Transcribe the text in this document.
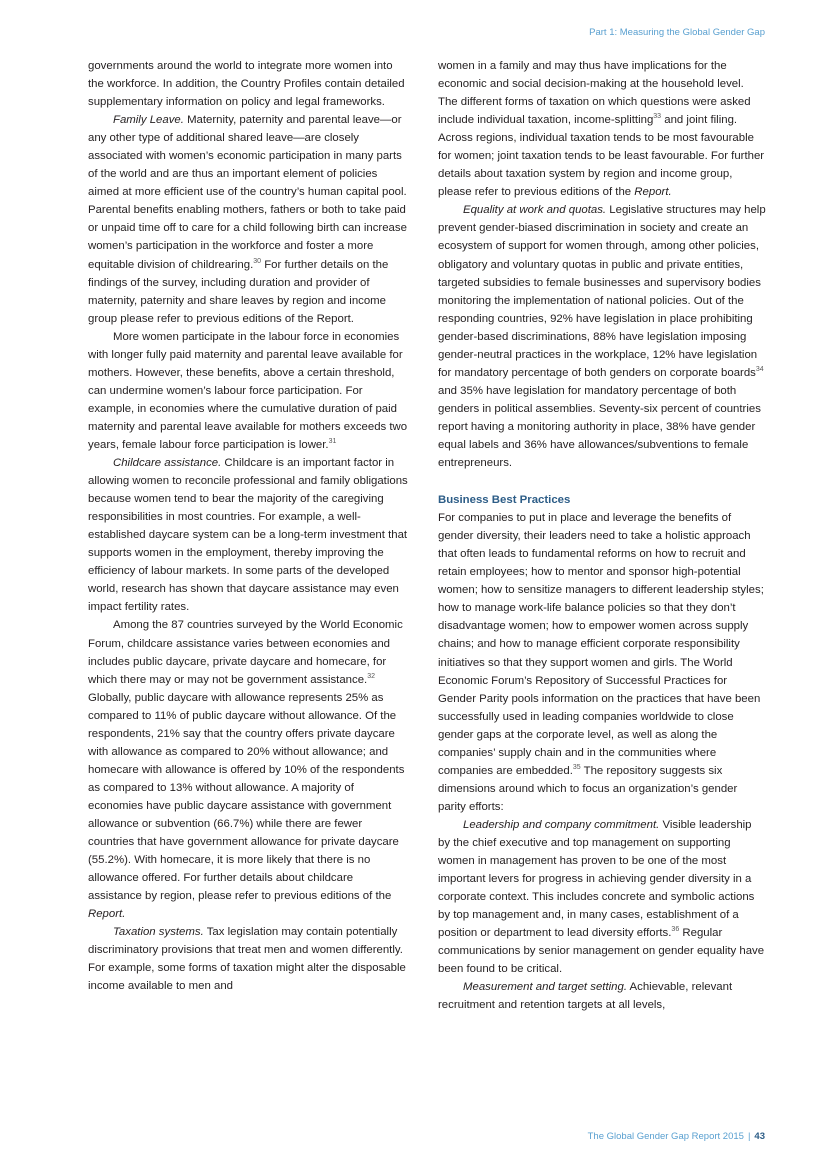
Part 1: Measuring the Global Gender Gap

governments around the world to integrate more women into the workforce. In addition, the Country Profiles contain detailed supplementary information on policy and legal frameworks.

Family Leave. Maternity, paternity and parental leave—or any other type of additional shared leave—are closely associated with women’s economic participation in many parts of the world and are thus an important element of policies aimed at more efficient use of the country’s human capital pool. Parental benefits enabling mothers, fathers or both to take paid or unpaid time off to care for a child following birth can increase women’s participation in the workforce and foster a more equitable division of childrearing.$^{30}$ For further details on the findings of the survey, including duration and provider of maternity, paternity and share leaves by region and income group please refer to previous editions of the Report.

More women participate in the labour force in economies with longer fully paid maternity and parental leave available for mothers. However, these benefits, above a certain threshold, can undermine women’s labour force participation. For example, in economies where the cumulative duration of paid maternity and parental leave available for mothers exceeds two years, female labour force participation is lower.$^{31}$

Childcare assistance. Childcare is an important factor in allowing women to reconcile professional and family obligations because women tend to bear the majority of the caregiving responsibilities in most countries. For example, a well-established daycare system can be a long-term investment that supports women in the employment, thereby improving the efficiency of labour markets. In some parts of the developed world, research has shown that daycare assistance may even impact fertility rates.

Among the 87 countries surveyed by the World Economic Forum, childcare assistance varies between economies and includes public daycare, private daycare and homecare, for which there may or may not be government assistance.$^{32}$ Globally, public daycare with allowance represents 25% as compared to 11% of public daycare without allowance. Of the respondents, 21% say that the country offers private daycare with allowance as compared to 20% without allowance; and homecare with allowance is offered by 10% of the respondents as compared to 13% without allowance. A majority of economies have public daycare assistance with government allowance or subvention (66.7%) while there are fewer countries that have government allowance for private daycare (55.2%). With homecare, it is more likely that there is no allowance offered. For further details about childcare assistance by region, please refer to previous editions of the Report.

Taxation systems. Tax legislation may contain potentially discriminatory provisions that treat men and women differently. For example, some forms of taxation might alter the disposable income available to men and

women in a family and may thus have implications for the economic and social decision-making at the household level. The different forms of taxation on which questions were asked include individual taxation, income-splitting$^{33}$ and joint filing. Across regions, individual taxation tends to be most favourable for women; joint taxation tends to be least favourable. For further details about taxation system by region and income group, please refer to previous editions of the Report.

Equality at work and quotas. Legislative structures may help prevent gender-biased discrimination in society and create an ecosystem of support for women through, among other policies, obligatory and voluntary quotas in public and private entities, targeted subsidies to female businesses and supervisory bodies monitoring the implementation of national policies. Out of the responding countries, 92% have legislation in place prohibiting gender-based discriminations, 88% have legislation imposing gender-neutral practices in the workplace, 12% have legislation for mandatory percentage of both genders on corporate boards$^{34}$ and 35% have legislation for mandatory percentage of both genders in political assemblies. Seventy-six percent of countries report having a monitoring authority in place, 38% have gender equal labels and 36% have allowances/subventions to female entrepreneurs.

Business Best Practices

For companies to put in place and leverage the benefits of gender diversity, their leaders need to take a holistic approach that often leads to fundamental reforms on how to recruit and retain employees; how to mentor and sponsor high-potential women; how to sensitize managers to different leadership styles; how to manage work-life balance policies so that they don’t disadvantage women; how to empower women across supply chains; and how to manage efficient corporate responsibility initiatives so that they support women and girls. The World Economic Forum’s Repository of Successful Practices for Gender Parity pools information on the practices that have been successfully used in leading companies worldwide to close gender gaps at the corporate level, as well as along the companies’ supply chain and in the communities where companies are embedded.$^{35}$ The repository suggests six dimensions around which to focus an organization’s gender parity efforts:

Leadership and company commitment. Visible leadership by the chief executive and top management on supporting women in management has proven to be one of the most important levers for progress in achieving gender diversity in a corporate context. This includes concrete and symbolic actions by top management and, in many cases, establishment of a position or department to lead diversity efforts.$^{36}$ Regular communications by senior management on gender equality have been found to be critical.

Measurement and target setting. Achievable, relevant recruitment and retention targets at all levels,

The Global Gender Gap Report 2015 | 43
